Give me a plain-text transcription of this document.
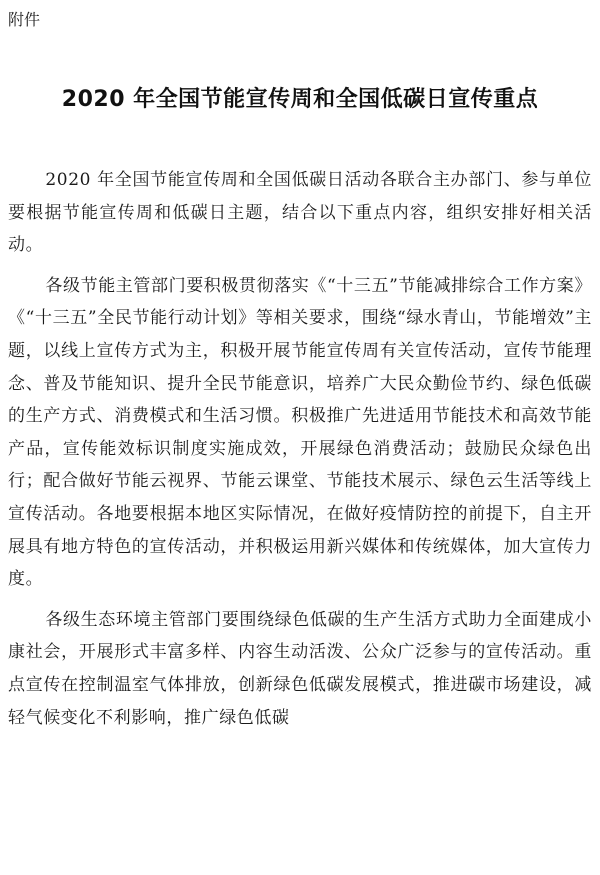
附件
2020 年全国节能宣传周和全国低碳日宣传重点

2020 年全国节能宣传周和全国低碳日活动各联合主办部门、参与单位要根据节能宣传周和低碳日主题，结合以下重点内容，组织安排好相关活动。

各级节能主管部门要积极贯彻落实《“十三五”节能减排综合工作方案》《“十三五”全民节能行动计划》等相关要求，围绕“绿水青山，节能增效”主题，以线上宣传方式为主，积极开展节能宣传周有关宣传活动，宣传节能理念、普及节能知识、提升全民节能意识，培养广大民众勤俭节约、绿色低碳的生产方式、消费模式和生活习惯。积极推广先进适用节能技术和高效节能产品，宣传能效标识制度实施成效，开展绿色消费活动；鼓励民众绿色出行；配合做好节能云视界、节能云课堂、节能技术展示、绿色云生活等线上宣传活动。各地要根据本地区实际情况，在做好疫情防控的前提下，自主开展具有地方特色的宣传活动，并积极运用新兴媒体和传统媒体，加大宣传力度。

各级生态环境主管部门要围绕绿色低碳的生产生活方式助力全面建成小康社会，开展形式丰富多样、内容生动活泼、公众广泛参与的宣传活动。重点宣传在控制温室气体排放，创新绿色低碳发展模式，推进碳市场建设，减轻气候变化不利影响，推广绿色低碳
